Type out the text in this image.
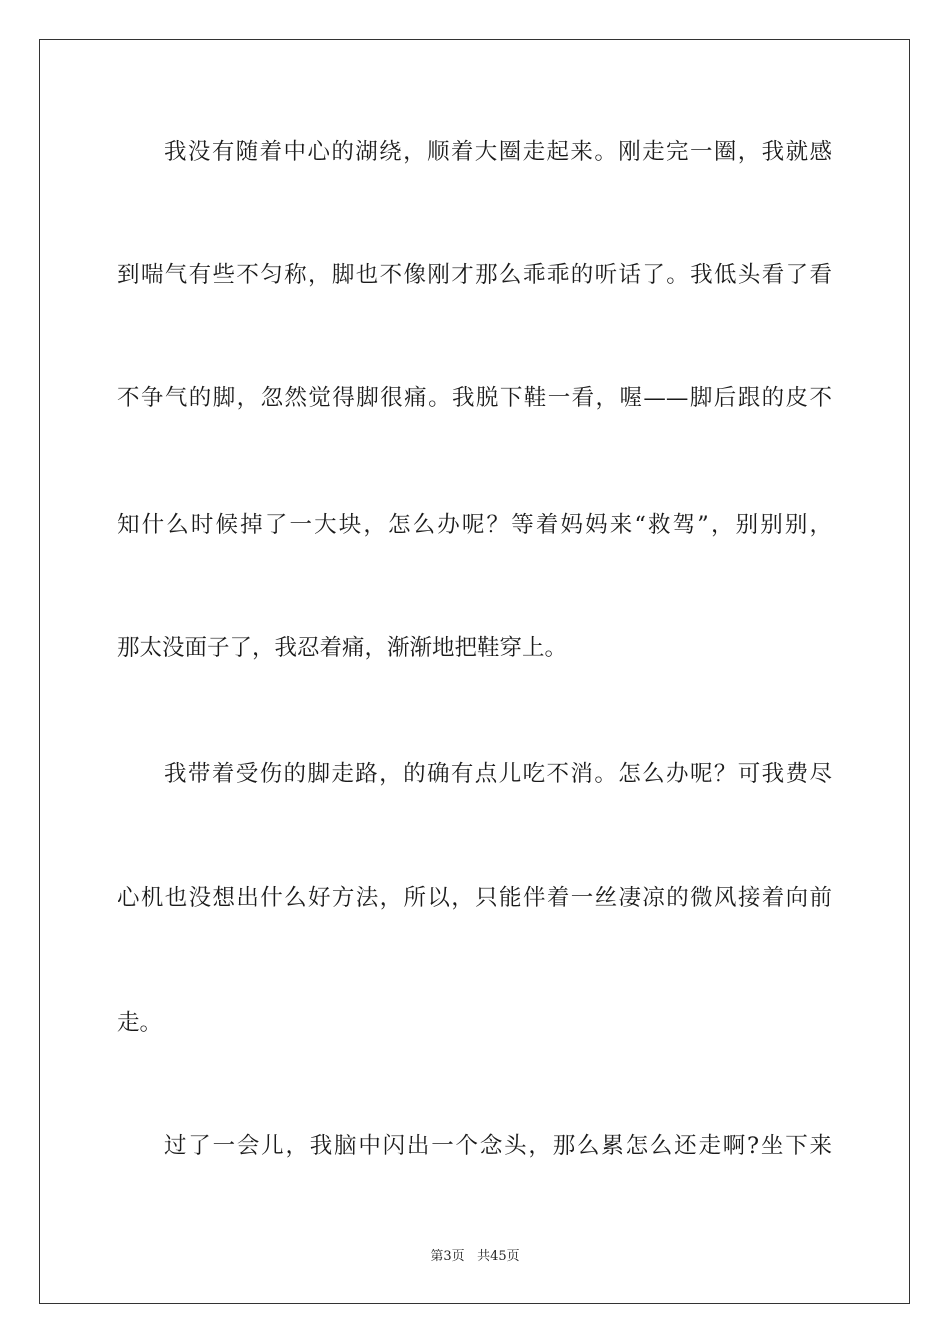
我没有随着中心的湖绕，顺着大圈走起来。刚走完一圈，我就感
到喘气有些不匀称，脚也不像刚才那么乖乖的听话了。我低头看了看
不争气的脚，忽然觉得脚很痛。我脱下鞋一看，喔——脚后跟的皮不
知什么时候掉了一大块，怎么办呢？等着妈妈来“救驾”，别别别，
那太没面子了，我忍着痛，渐渐地把鞋穿上。
我带着受伤的脚走路，的确有点儿吃不消。怎么办呢？可我费尽
心机也没想出什么好方法，所以，只能伴着一丝凄凉的微风接着向前
走。
过了一会儿，我脑中闪出一个念头，那么累怎么还走啊?坐下来
第3页 共45页
